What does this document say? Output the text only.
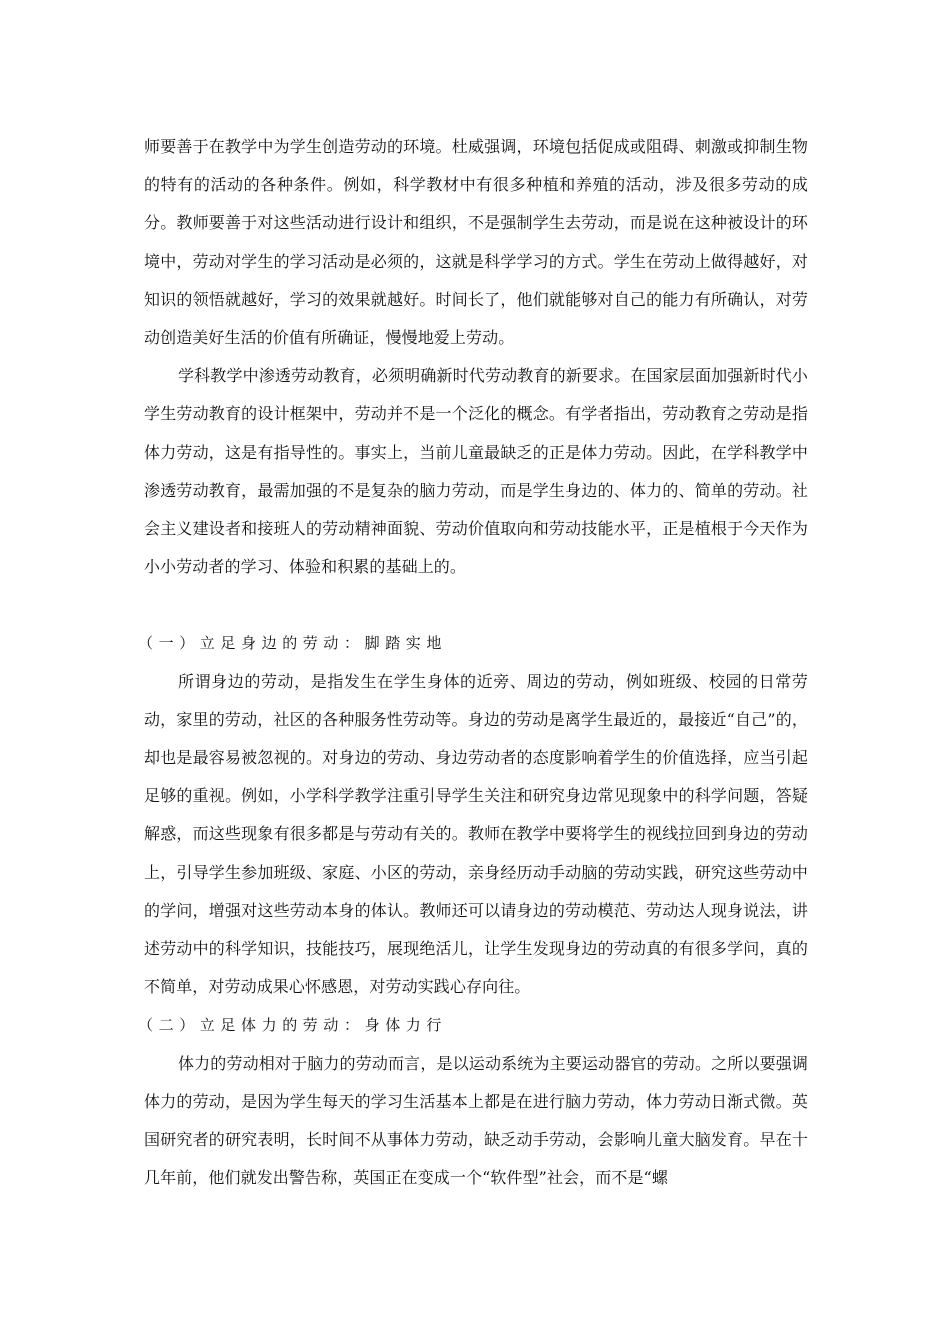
师要善于在教学中为学生创造劳动的环境。杜威强调，环境包括促成或阻碍、刺激或抑制生物的特有的活动的各种条件。例如，科学教材中有很多种植和养殖的活动，涉及很多劳动的成分。教师要善于对这些活动进行设计和组织，不是强制学生去劳动，而是说在这种被设计的环境中，劳动对学生的学习活动是必须的，这就是科学学习的方式。学生在劳动上做得越好，对知识的领悟就越好，学习的效果就越好。时间长了，他们就能够对自己的能力有所确认，对劳动创造美好生活的价值有所确证，慢慢地爱上劳动。

学科教学中渗透劳动教育，必须明确新时代劳动教育的新要求。在国家层面加强新时代小学生劳动教育的设计框架中，劳动并不是一个泛化的概念。有学者指出，劳动教育之劳动是指体力劳动，这是有指导性的。事实上，当前儿童最缺乏的正是体力劳动。因此，在学科教学中渗透劳动教育，最需加强的不是复杂的脑力劳动，而是学生身边的、体力的、简单的劳动。社会主义建设者和接班人的劳动精神面貌、劳动价值取向和劳动技能水平，正是植根于今天作为小小劳动者的学习、体验和积累的基础上的。

（一）立足身边的劳动：脚踏实地

所谓身边的劳动，是指发生在学生身体的近旁、周边的劳动，例如班级、校园的日常劳动，家里的劳动，社区的各种服务性劳动等。身边的劳动是离学生最近的，最接近“自己”的，却也是最容易被忽视的。对身边的劳动、身边劳动者的态度影响着学生的价值选择，应当引起足够的重视。例如，小学科学教学注重引导学生关注和研究身边常见现象中的科学问题，答疑解惑，而这些现象有很多都是与劳动有关的。教师在教学中要将学生的视线拉回到身边的劳动上，引导学生参加班级、家庭、小区的劳动，亲身经历动手动脑的劳动实践，研究这些劳动中的学问，增强对这些劳动本身的体认。教师还可以请身边的劳动模范、劳动达人现身说法，讲述劳动中的科学知识，技能技巧，展现绝活儿，让学生发现身边的劳动真的有很多学问，真的不简单，对劳动成果心怀感恩，对劳动实践心存向往。

（二）立足体力的劳动：身体力行

体力的劳动相对于脑力的劳动而言，是以运动系统为主要运动器官的劳动。之所以要强调体力的劳动，是因为学生每天的学习生活基本上都是在进行脑力劳动，体力劳动日渐式微。英国研究者的研究表明，长时间不从事体力劳动，缺乏动手劳动，会影响儿童大脑发育。早在十几年前，他们就发出警告称，英国正在变成一个“软件型”社会，而不是“螺
